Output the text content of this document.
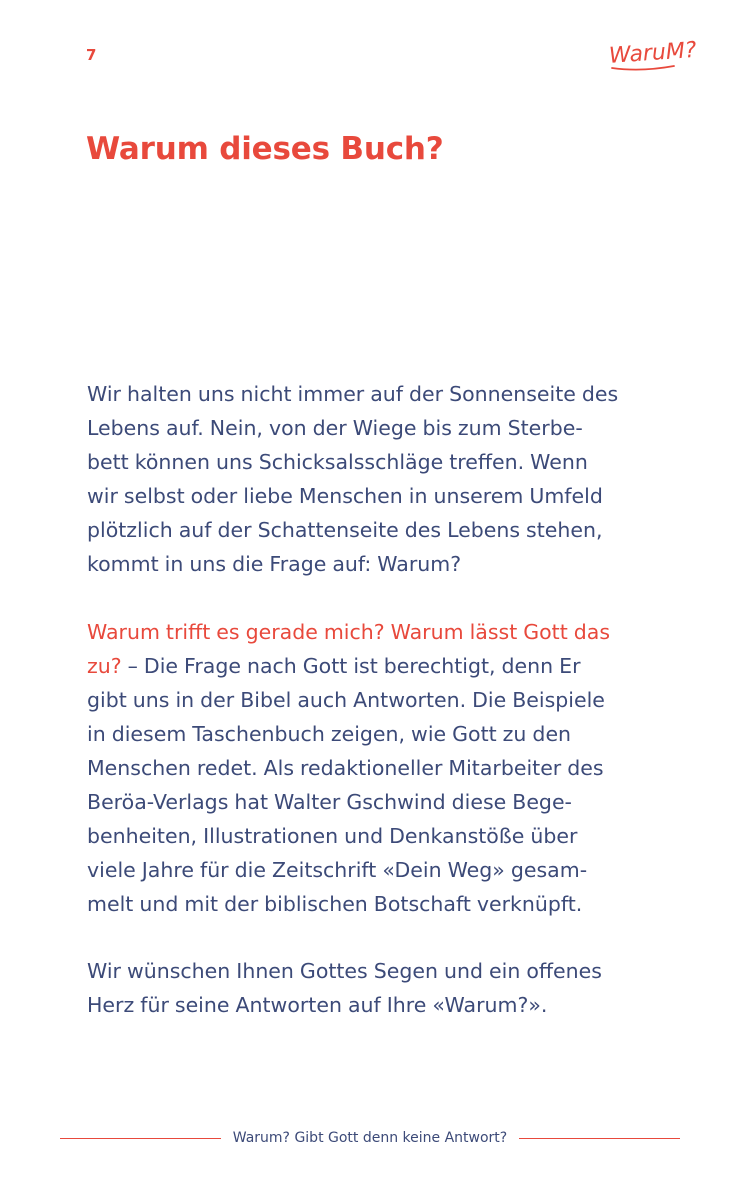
7	WaruM?
Warum dieses Buch?
Wir halten uns nicht immer auf der Sonnenseite des
Lebens auf. Nein, von der Wiege bis zum Sterbe-
bett können uns Schicksalsschläge treffen. Wenn
wir selbst oder liebe Menschen in unserem Umfeld
plötzlich auf der Schattenseite des Lebens stehen,
kommt in uns die Frage auf: Warum?
Warum trifft es gerade mich? Warum lässt Gott das
zu? – Die Frage nach Gott ist berechtigt, denn Er
gibt uns in der Bibel auch Antworten. Die Beispiele
in diesem Taschenbuch zeigen, wie Gott zu den
Menschen redet. Als redaktioneller Mitarbeiter des
Beröa-Verlags hat Walter Gschwind diese Bege-
benheiten, Illustrationen und Denkanstöße über
viele Jahre für die Zeitschrift «Dein Weg» gesam-
melt und mit der biblischen Botschaft verknüpft.
Wir wünschen Ihnen Gottes Segen und ein offenes
Herz für seine Antworten auf Ihre «Warum?».
Warum? Gibt Gott denn keine Antwort?
